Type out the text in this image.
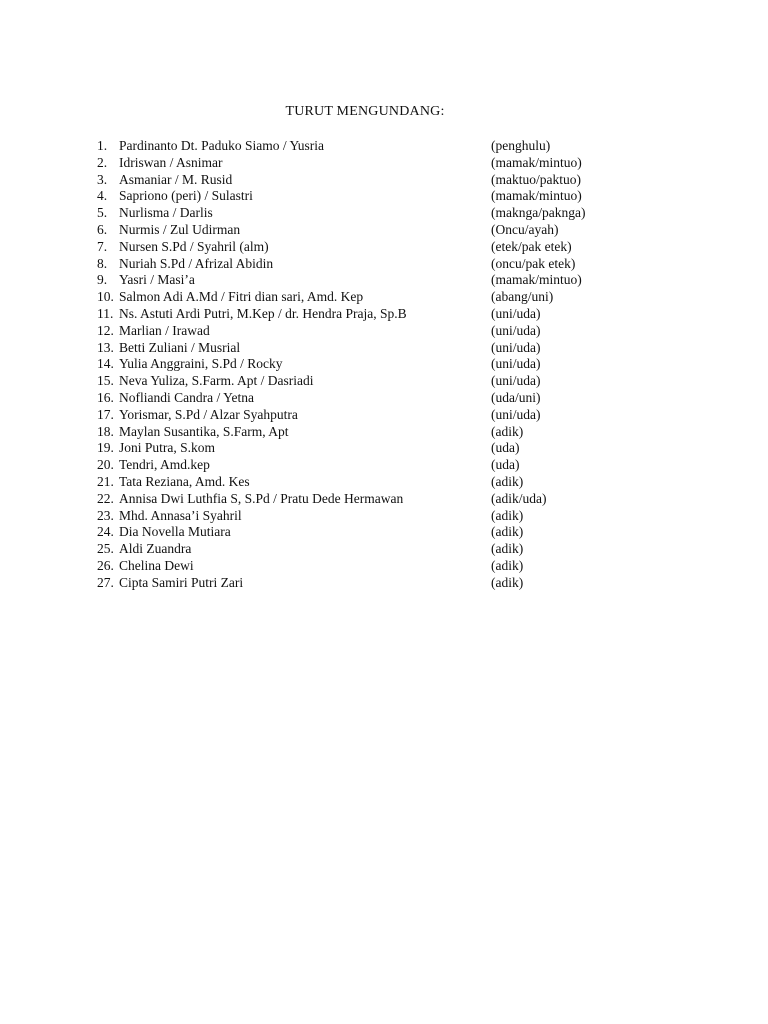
TURUT MENGUNDANG:
1. Pardinanto Dt. Paduko Siamo / Yusria	(penghulu)
2. Idriswan / Asnimar	(mamak/mintuo)
3. Asmaniar / M. Rusid	(maktuo/paktuo)
4. Sapriono (peri) / Sulastri	(mamak/mintuo)
5. Nurlisma / Darlis	(maknga/paknga)
6. Nurmis / Zul Udirman	(Oncu/ayah)
7. Nursen S.Pd / Syahril (alm)	(etek/pak etek)
8. Nuriah S.Pd / Afrizal Abidin	(oncu/pak etek)
9. Yasri / Masi’a	(mamak/mintuo)
10. Salmon Adi A.Md / Fitri dian sari, Amd. Kep	(abang/uni)
11. Ns. Astuti Ardi Putri, M.Kep / dr. Hendra Praja, Sp.B	(uni/uda)
12. Marlian / Irawad	(uni/uda)
13. Betti Zuliani / Musrial	(uni/uda)
14. Yulia Anggraini, S.Pd / Rocky	(uni/uda)
15. Neva Yuliza, S.Farm. Apt / Dasriadi	(uni/uda)
16. Nofliandi Candra / Yetna	(uda/uni)
17. Yorismar, S.Pd / Alzar Syahputra	(uni/uda)
18. Maylan Susantika, S.Farm, Apt	(adik)
19. Joni Putra, S.kom	(uda)
20. Tendri, Amd.kep	(uda)
21. Tata Reziana, Amd. Kes	(adik)
22. Annisa Dwi Luthfia S, S.Pd / Pratu Dede Hermawan	(adik/uda)
23. Mhd. Annasa’i Syahril	(adik)
24. Dia Novella Mutiara	(adik)
25. Aldi Zuandra	(adik)
26. Chelina Dewi	(adik)
27. Cipta Samiri Putri Zari	(adik)
